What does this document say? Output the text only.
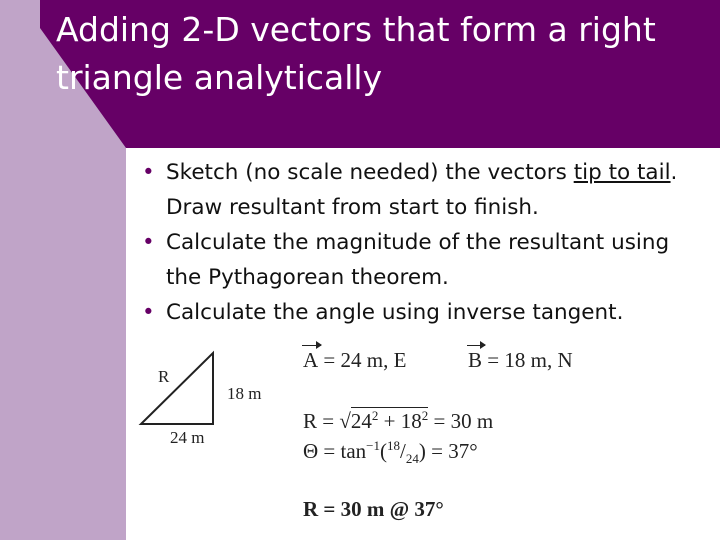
Adding 2-D vectors that form a right triangle analytically
• Sketch (no scale needed) the vectors tip to tail. Draw resultant from start to finish.
• Calculate the magnitude of the resultant using the Pythagorean theorem.
• Calculate the angle using inverse tangent.
R
18 m
24 m
A = 24 m, E	B = 18 m, N
$R = √24^2 + 18^2 = 30$ m
$\Theta = \tan^{-1}(^{18}/_{24}) = 37^\circ$
R = 30 m @ 37°
